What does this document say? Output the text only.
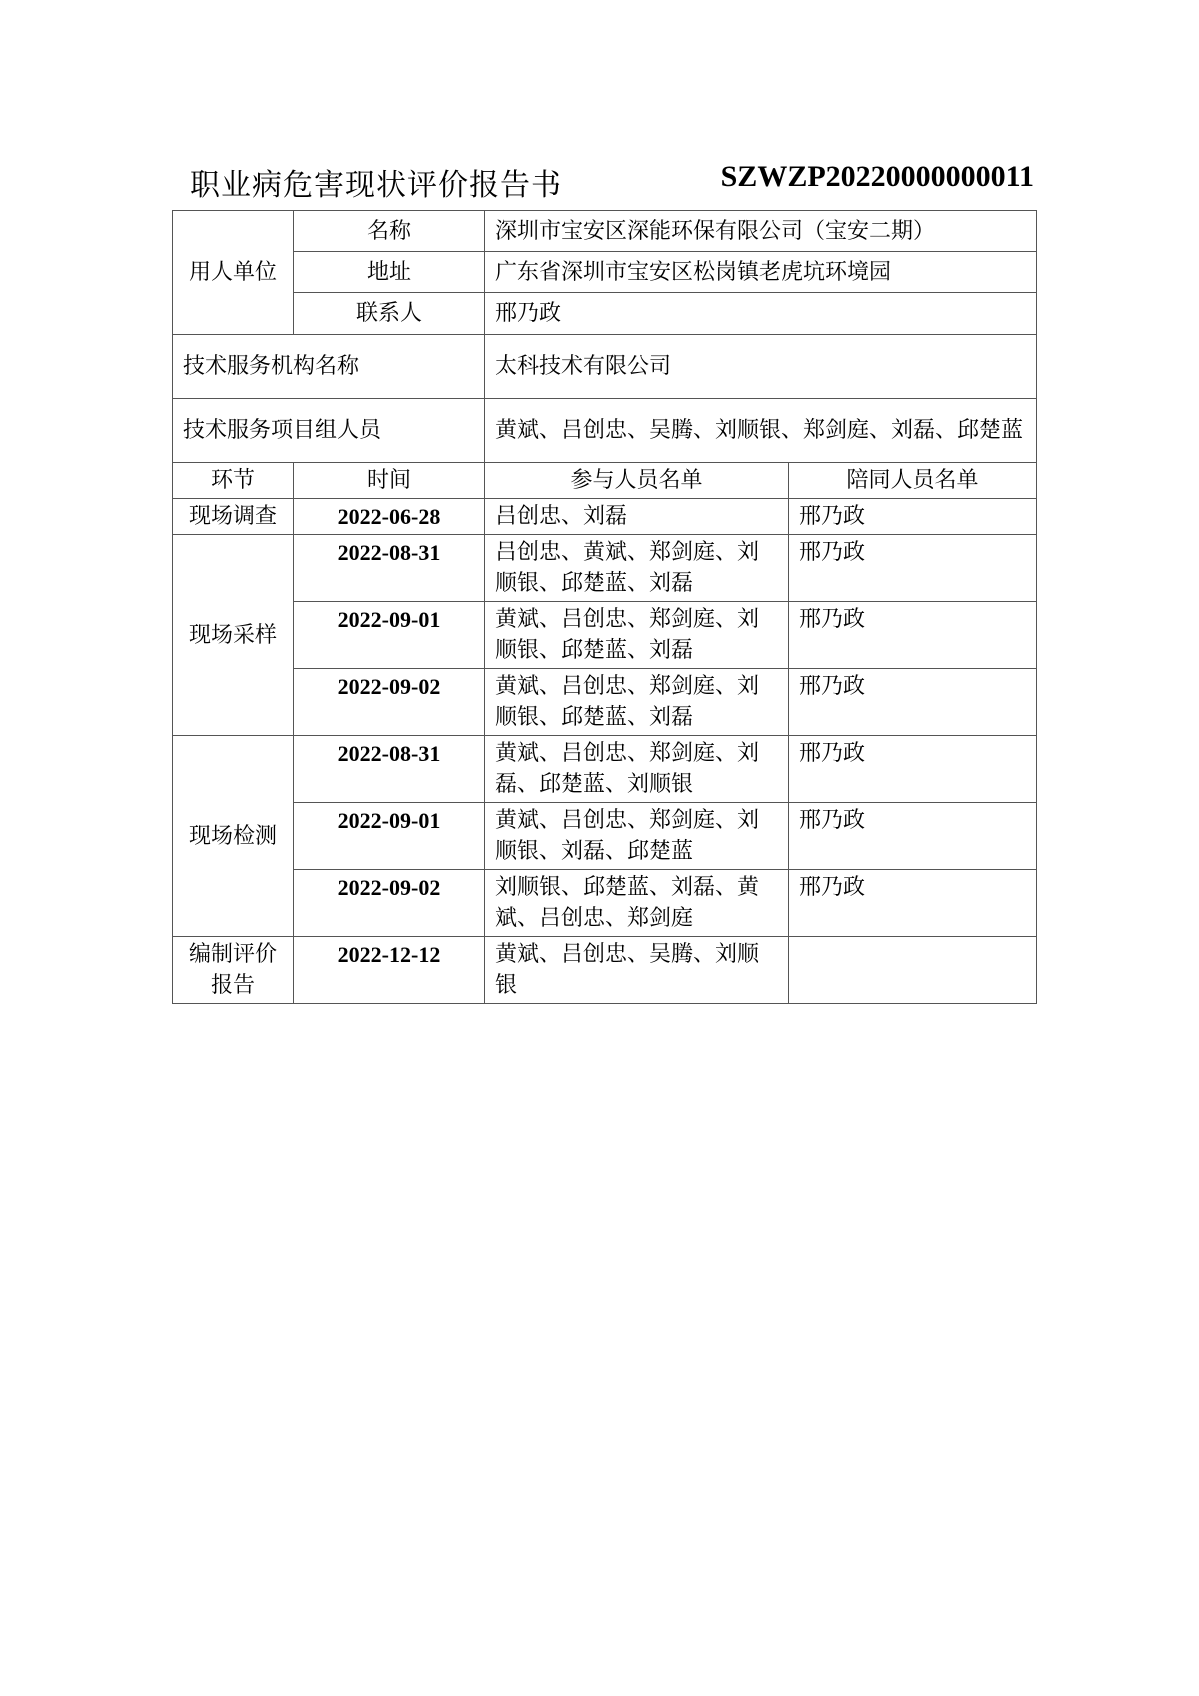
职业病危害现状评价报告书	SZWZP20220000000011
用人单位	名称	深圳市宝安区深能环保有限公司（宝安二期）	
	地址	广东省深圳市宝安区松岗镇老虎坑环境园	
	联系人	邢乃政	
技术服务机构名称		太科技术有限公司	
技术服务项目组人员		黄斌、吕创忠、吴腾、刘顺银、郑剑庭、刘磊、邱楚蓝	
环节	时间	参与人员名单	陪同人员名单
现场调查	2022-06-28	吕创忠、刘磊	邢乃政
现场采样	2022-08-31	吕创忠、黄斌、郑剑庭、刘顺银、邱楚蓝、刘磊	邢乃政
	2022-09-01	黄斌、吕创忠、郑剑庭、刘顺银、邱楚蓝、刘磊	邢乃政
	2022-09-02	黄斌、吕创忠、郑剑庭、刘顺银、邱楚蓝、刘磊	邢乃政
现场检测	2022-08-31	黄斌、吕创忠、郑剑庭、刘磊、邱楚蓝、刘顺银	邢乃政
	2022-09-01	黄斌、吕创忠、郑剑庭、刘顺银、刘磊、邱楚蓝	邢乃政
	2022-09-02	刘顺银、邱楚蓝、刘磊、黄斌、吕创忠、郑剑庭	邢乃政
编制评价报告	2022-12-12	黄斌、吕创忠、吴腾、刘顺银	
